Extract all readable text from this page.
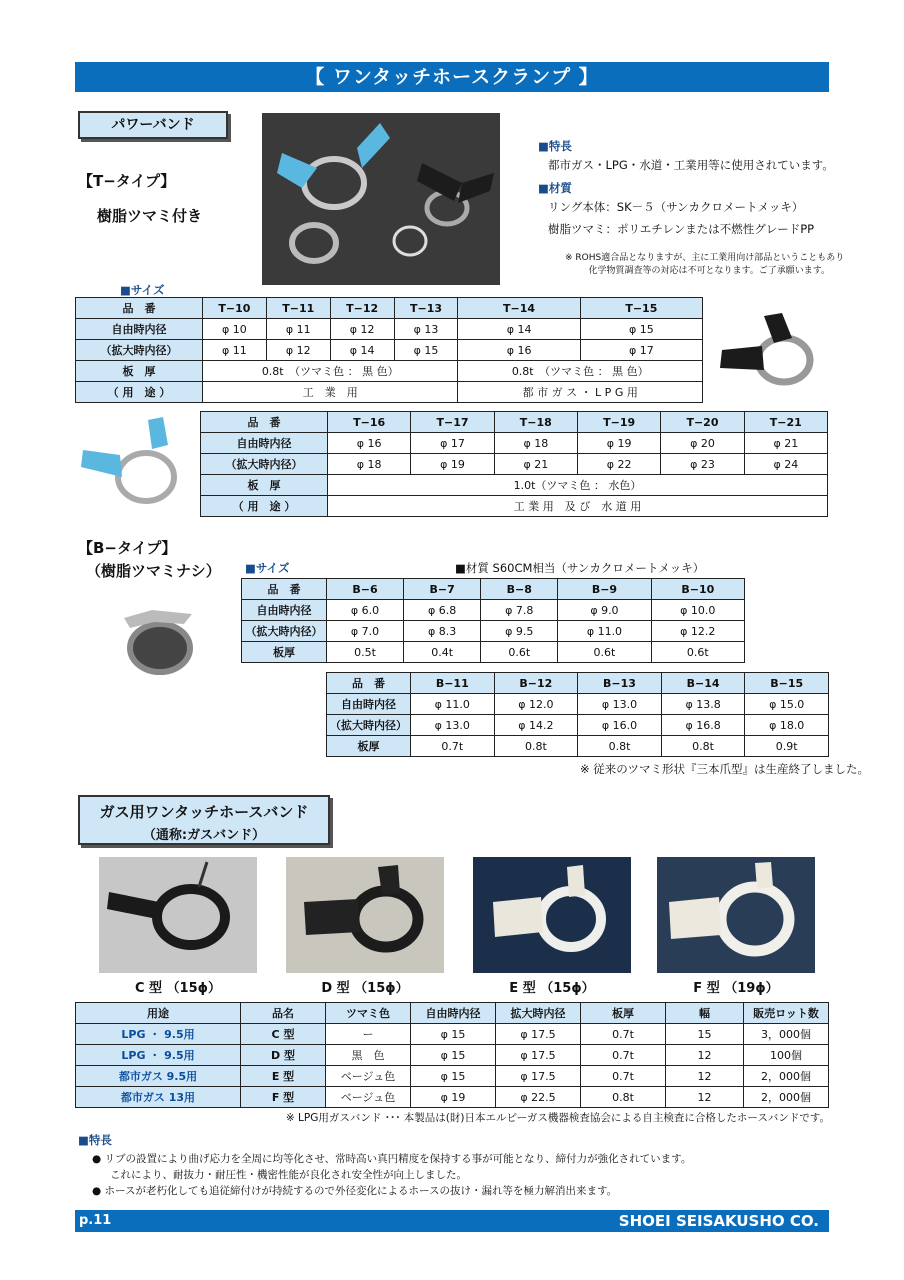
【 ワンタッチホースクランプ 】
パワーバンド
【T−タイプ】
樹脂ツマミ付き
■特長
都市ガス・LPG・水道・工業用等に使用されています。
■材質
リング本体：SK－５（サンカクロメートメッキ）
樹脂ツマミ：ポリエチレンまたは不燃性グレードPP
※ ROHS適合品となりますが、主に工業用向け部品ということもあり
化学物質調査等の対応は不可となります。ご了承願います。
■サイズ
品　番	T−10	T−11	T−12	T−13	T−14	T−15
自由時内径	φ 10	φ 11	φ 12	φ 13	φ 14	φ 15
（拡大時内径）	φ 11	φ 12	φ 14	φ 15	φ 16	φ 17
板　厚	0.8t　（ツマミ色 ： 黒 色）				0.8t　（ツマミ色 ： 黒 色）	
（ 用　途 ）	工　業　用				都 市 ガ ス ・ L P G 用	
品　番	T−16	T−17	T−18	T−19	T−20	T−21
自由時内径	φ 16	φ 17	φ 18	φ 19	φ 20	φ 21
（拡大時内径）	φ 18	φ 19	φ 21	φ 22	φ 23	φ 24
板　厚	1.0t（ツマミ色 ： 水色）					
（ 用　途 ）	工 業 用　及 び　水 道 用					
【B−タイプ】
（樹脂ツマミナシ） ■サイズ	■材質 S60CM相当（サンカクロメートメッキ）
品　番	B−6	B−7	B−8	B−9	B−10
自由時内径	φ 6.0	φ 6.8	φ 7.8	φ 9.0	φ 10.0
（拡大時内径）	φ 7.0	φ 8.3	φ 9.5	φ 11.0	φ 12.2
板厚	0.5t	0.4t	0.6t	0.6t	0.6t
品　番	B−11	B−12	B−13	B−14	B−15
自由時内径	φ 11.0	φ 12.0	φ 13.0	φ 13.8	φ 15.0
（拡大時内径）	φ 13.0	φ 14.2	φ 16.0	φ 16.8	φ 18.0
板厚	0.7t	0.8t	0.8t	0.8t	0.9t
※ 従来のツマミ形状『三本爪型』は生産終了しました。
ガス用ワンタッチホースバンド
（通称:ガスバンド）
C 型 （15ϕ）	D 型 （15ϕ）	E 型 （15ϕ）	F 型 （19ϕ）
用途	品名	ツマミ色	自由時内径	拡大時内径	板厚	幅	販売ロット数
LPG ・ 9.5用	C 型	ー	φ 15	φ 17.5	0.7t	15	3，000個
LPG ・ 9.5用	D 型	黒　色	φ 15	φ 17.5	0.7t	12	100個
都市ガス 9.5用	E 型	ベージュ色	φ 15	φ 17.5	0.7t	12	2，000個
都市ガス 13用	F 型	ベージュ色	φ 19	φ 22.5	0.8t	12	2，000個
※ LPG用ガスバンド ･･･ 本製品は(財)日本エルピーガス機器検査協会による自主検査に合格したホースバンドです。
■特長
● リブの設置により曲げ応力を全周に均等化させ、常時高い真円精度を保持する事が可能となり、締付力が強化されています。
これにより、耐抜力・耐圧性・機密性能が良化され安全性が向上しました。
● ホースが老朽化しても追従締付けが持続するので外径変化によるホースの抜け・漏れ等を極力解消出来ます。
p.11	SHOEI SEISAKUSHO CO.
